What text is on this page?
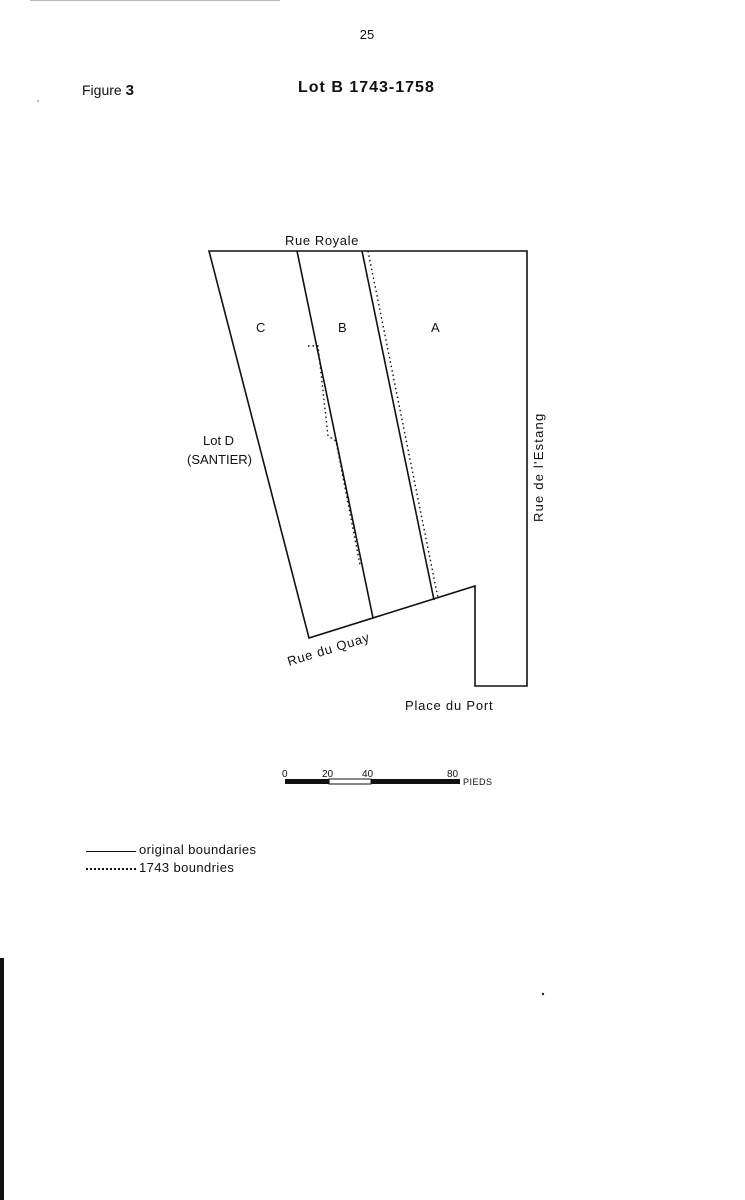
25
Figure 3	Lot B 1743-1758
Rue Royale
C	B	A
Lot D
(SANTIER)	Rue de l'Estang
Rue du Quay
Place du Port
0	20	40	80
PIEDS
original boundaries
1743 boundries
